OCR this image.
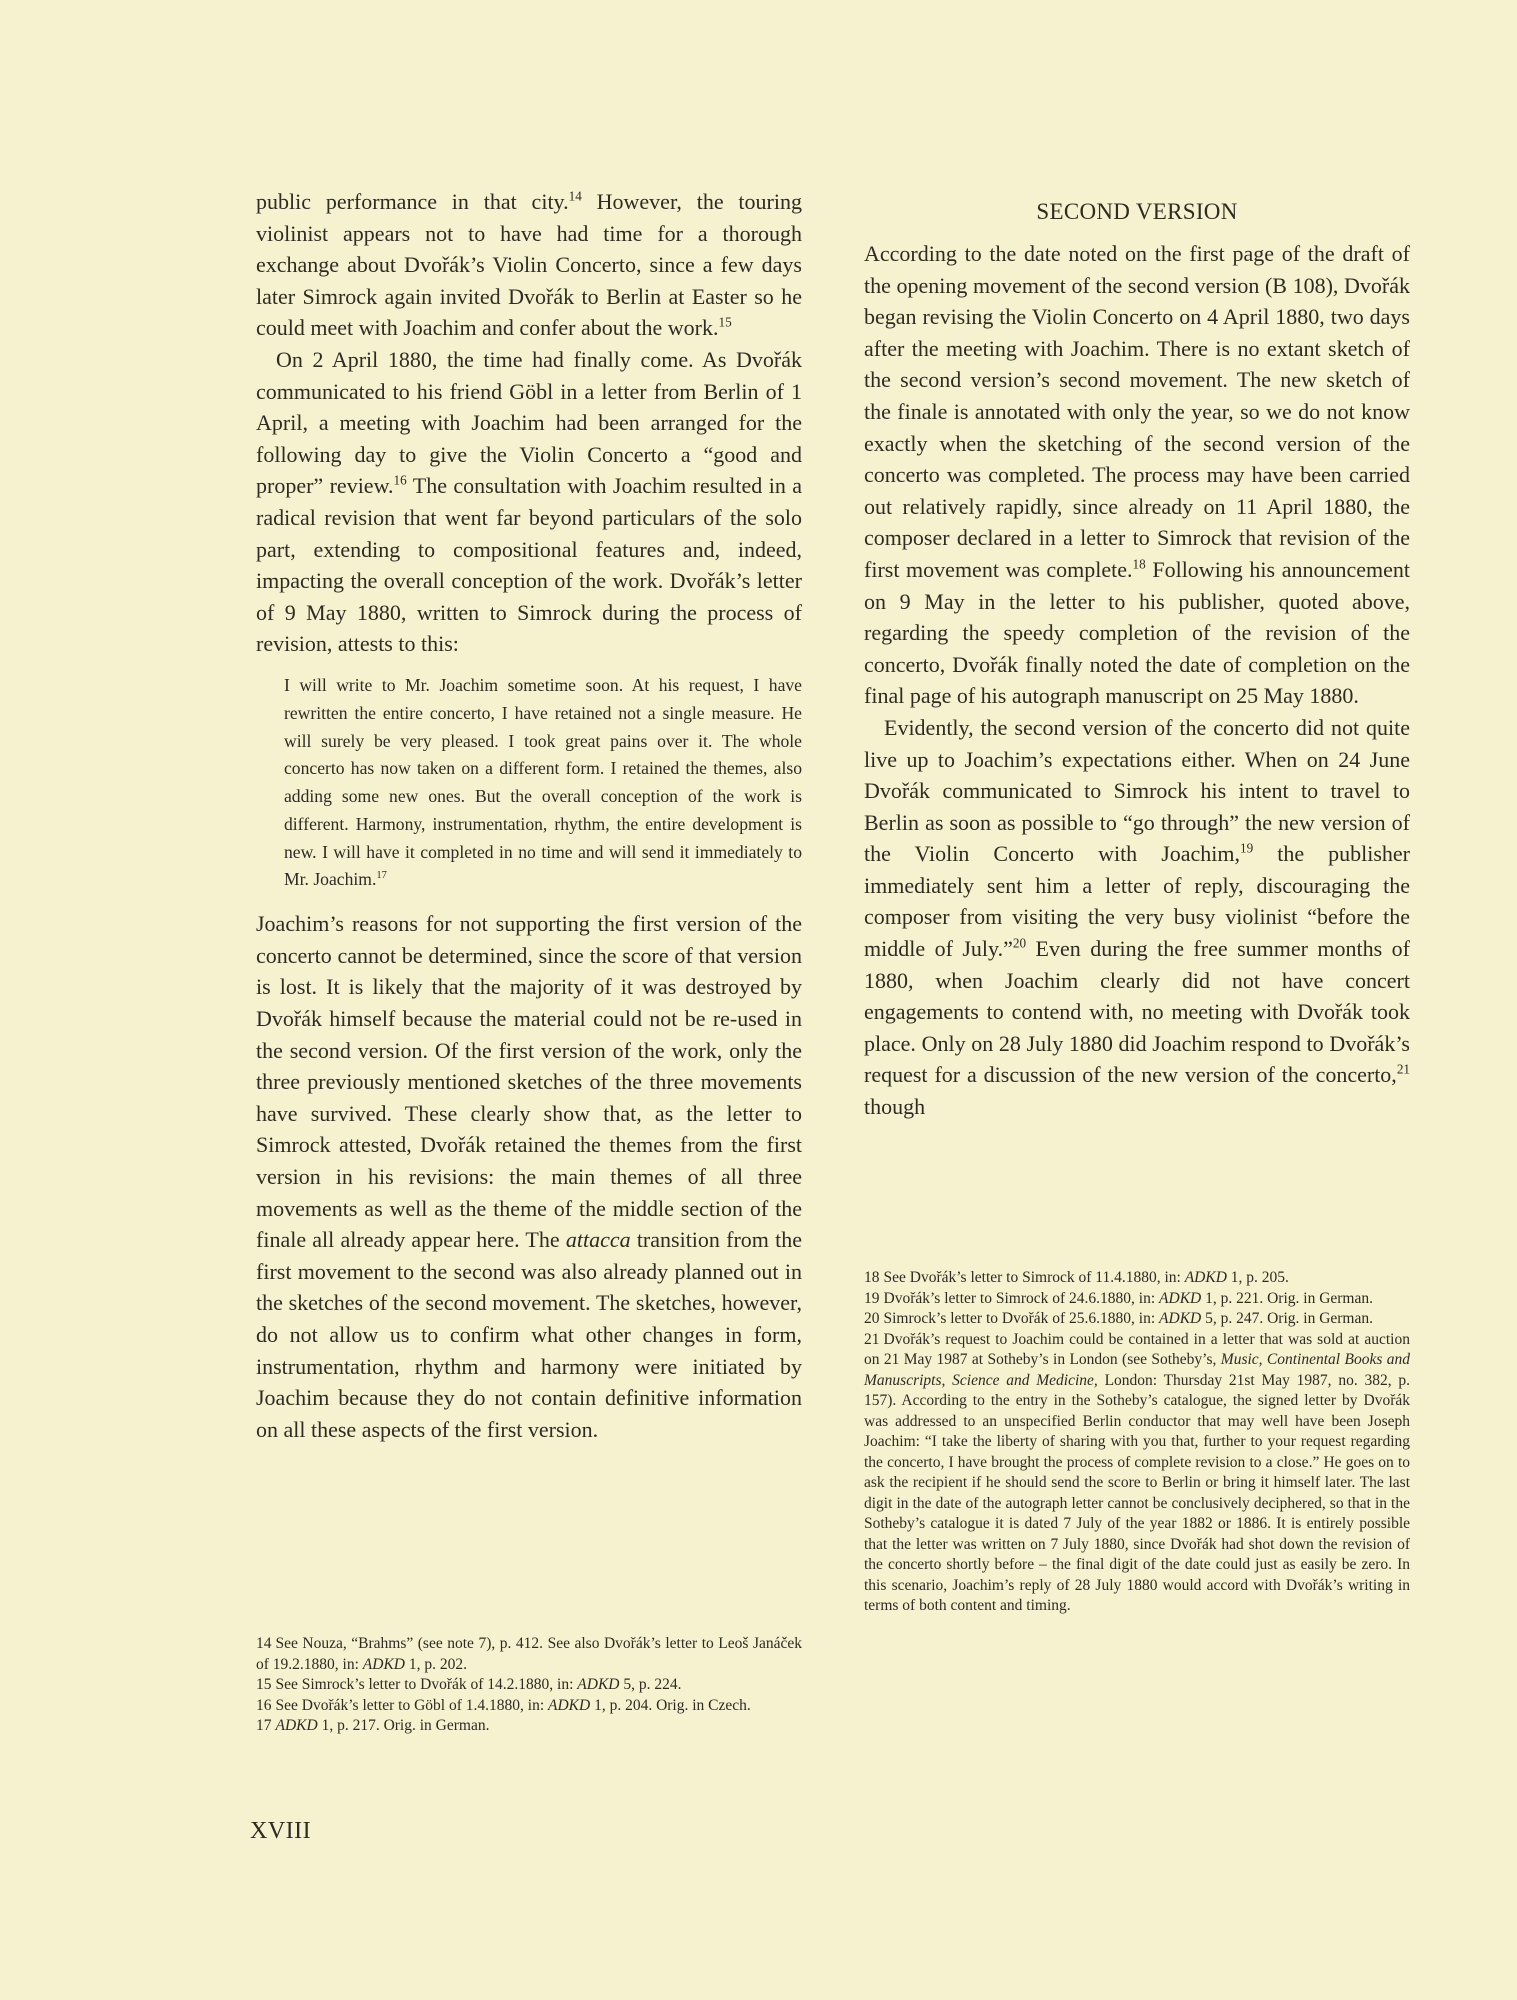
public performance in that city.$^{14}$ However, the touring violinist appears not to have had time for a thorough exchange about Dvořák’s Violin Concerto, since a few days later Simrock again invited Dvořák to Berlin at Easter so he could meet with Joachim and confer about the work.$^{15}$

On 2 April 1880, the time had finally come. As Dvořák communicated to his friend Göbl in a letter from Berlin of 1 April, a meeting with Joachim had been arranged for the following day to give the Violin Concerto a “good and proper” review.$^{16}$ The consultation with Joachim resulted in a radical revision that went far beyond particulars of the solo part, extending to compositional features and, indeed, impacting the overall conception of the work. Dvořák’s letter of 9 May 1880, written to Simrock during the process of revision, attests to this:

I will write to Mr. Joachim sometime soon. At his request, I have rewritten the entire concerto, I have retained not a single measure. He will surely be very pleased. I took great pains over it. The whole concerto has now taken on a different form. I retained the themes, also adding some new ones. But the overall conception of the work is different. Harmony, instrumentation, rhythm, the entire development is new. I will have it completed in no time and will send it immediately to Mr. Joachim.$^{17}$

Joachim’s reasons for not supporting the first version of the concerto cannot be determined, since the score of that version is lost. It is likely that the majority of it was destroyed by Dvořák himself because the material could not be re-used in the second version. Of the first version of the work, only the three previously mentioned sketches of the three movements have survived. These clearly show that, as the letter to Simrock attested, Dvořák retained the themes from the first version in his revisions: the main themes of all three movements as well as the theme of the middle section of the finale all already appear here. The attacca transition from the first movement to the second was also already planned out in the sketches of the second movement. The sketches, however, do not allow us to confirm what other changes in form, instrumentation, rhythm and harmony were initiated by Joachim because they do not contain definitive information on all these aspects of the first version.

SECOND VERSION

According to the date noted on the first page of the draft of the opening movement of the second version (B 108), Dvořák began revising the Violin Concerto on 4 April 1880, two days after the meeting with Joachim. There is no extant sketch of the second version’s second movement. The new sketch of the finale is annotated with only the year, so we do not know exactly when the sketching of the second version of the concerto was completed. The process may have been carried out relatively rapidly, since already on 11 April 1880, the composer declared in a letter to Simrock that revision of the first movement was complete.$^{18}$ Following his announcement on 9 May in the letter to his publisher, quoted above, regarding the speedy completion of the revision of the concerto, Dvořák finally noted the date of completion on the final page of his autograph manuscript on 25 May 1880.

Evidently, the second version of the concerto did not quite live up to Joachim’s expectations either. When on 24 June Dvořák communicated to Simrock his intent to travel to Berlin as soon as possible to “go through” the new version of the Violin Concerto with Joachim,$^{19}$ the publisher immediately sent him a letter of reply, discouraging the composer from visiting the very busy violinist “before the middle of July.”$^{20}$ Even during the free summer months of 1880, when Joachim clearly did not have concert engagements to contend with, no meeting with Dvořák took place. Only on 28 July 1880 did Joachim respond to Dvořák’s request for a discussion of the new version of the concerto,$^{21}$ though

14 See Nouza, “Brahms” (see note 7), p. 412. See also Dvořák’s letter to Leoš Janáček of 19.2.1880, in: ADKD 1, p. 202.

15 See Simrock’s letter to Dvořák of 14.2.1880, in: ADKD 5, p. 224.

16 See Dvořák’s letter to Göbl of 1.4.1880, in: ADKD 1, p. 204. Orig. in Czech.

17 ADKD 1, p. 217. Orig. in German.

18 See Dvořák’s letter to Simrock of 11.4.1880, in: ADKD 1, p. 205.

19 Dvořák’s letter to Simrock of 24.6.1880, in: ADKD 1, p. 221. Orig. in German.

20 Simrock’s letter to Dvořák of 25.6.1880, in: ADKD 5, p. 247. Orig. in German.

21 Dvořák’s request to Joachim could be contained in a letter that was sold at auction on 21 May 1987 at Sotheby’s in London (see Sotheby’s, Music, Continental Books and Manuscripts, Science and Medicine, London: Thursday 21st May 1987, no. 382, p. 157). According to the entry in the Sotheby’s catalogue, the signed letter by Dvořák was addressed to an unspecified Berlin conductor that may well have been Joseph Joachim: “I take the liberty of sharing with you that, further to your request regarding the concerto, I have brought the process of complete revision to a close.” He goes on to ask the recipient if he should send the score to Berlin or bring it himself later. The last digit in the date of the autograph letter cannot be conclusively deciphered, so that in the Sotheby’s catalogue it is dated 7 July of the year 1882 or 1886. It is entirely possible that the letter was written on 7 July 1880, since Dvořák had shot down the revision of the concerto shortly before – the final digit of the date could just as easily be zero. In this scenario, Joachim’s reply of 28 July 1880 would accord with Dvořák’s writing in terms of both content and timing.

XVIII
